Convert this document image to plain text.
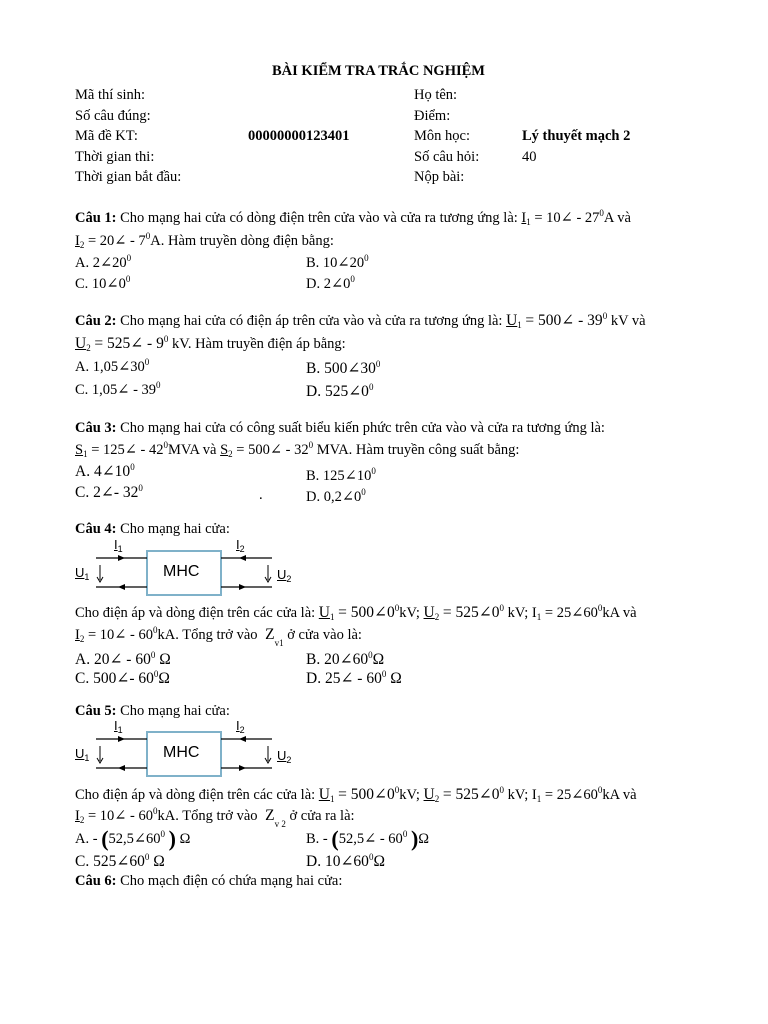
BÀI KIỂM TRA TRẮC NGHIỆM
Mã thí sinh:	Họ tên:
Số câu đúng:	Điểm:
Mã đề KT:	00000000123401	Môn học:	Lý thuyết mạch 2
Thời gian thi:	Số câu hỏi:	40
Thời gian bắt đầu:	Nộp bài:
Câu 1: Cho mạng hai cửa có dòng điện trên cửa vào và cửa ra tương ứng là: $I_1$ = 10∠ - $27^0A$ và
$I_2$ = 20∠ - $7^0A$. Hàm truyền dòng điện bằng:
A. $2\angle 20^0$	B. $10\angle 20^0$
C. $10\angle 0^0$	D. $2\angle 0^0$
Câu 2: Cho mạng hai cửa có điện áp trên cửa vào và cửa ra tương ứng là: $U_1$ = 500∠ - $39^0$ kV và
$U_2$ = 525∠ - $9^0$ kV. Hàm truyền điện áp bằng:
A. $1,05\angle 30^0$	B. $500\angle 30^0$
C. 1,05∠ - $39^0$	D. $525\angle 0^0$
Câu 3: Cho mạng hai cửa có công suất biểu kiến phức trên cửa vào và cửa ra tương ứng là:
$S_1$ = 125∠ - $42^0MVA$ và $S_2$ = 500∠ - $32^0$ MVA. Hàm truyền công suất bằng:
A. $4\angle 10^0$
B. $125\angle 10^0$
C. 2∠- $32^0$	.	D. $0,2\angle 0^0$
Câu 4: Cho mạng hai cửa:
MHC
$I_1$	$I_2$
$U_1$	$U_2$
Cho điện áp và dòng điện trên các cửa là: $U_1$ = $500\angle 0^0kV$; $U_2$ = $525\angle 0^0$ kV; $I_1$ = $25\angle 60^0kA$ và
$I_2$ = 10∠ - $60^0kA$. Tổng trở vào $Z_{v1}$ ở cửa vào là:
A. 20∠ - $60^0$ Ω	B. $20\angle 60^0\Omega$
C. 500∠- $60^0\Omega$	D. 25∠ - $60^0$ Ω
Câu 5: Cho mạng hai cửa:
MHC
$I_1$	$I_2$
$U_1$	$U_2$
Cho điện áp và dòng điện trên các cửa là: $U_1$ = $500\angle 0^0kV$; $U_2$ = $525\angle 0^0$ kV; $I_1$ = $25\angle 60^0kA$ và
$I_2$ = 10∠ - $60^0kA$. Tổng trở vào $Z_{v 2}$ ở cửa ra là:
A. - ($52,5\angle 60^0$ ) Ω	B. - (52,5∠ - $60^0$ )Ω
C. $525\angle 60^0$ Ω	D. $10\angle 60^0\Omega$
Câu 6: Cho mạch điện có chứa mạng hai cửa:
